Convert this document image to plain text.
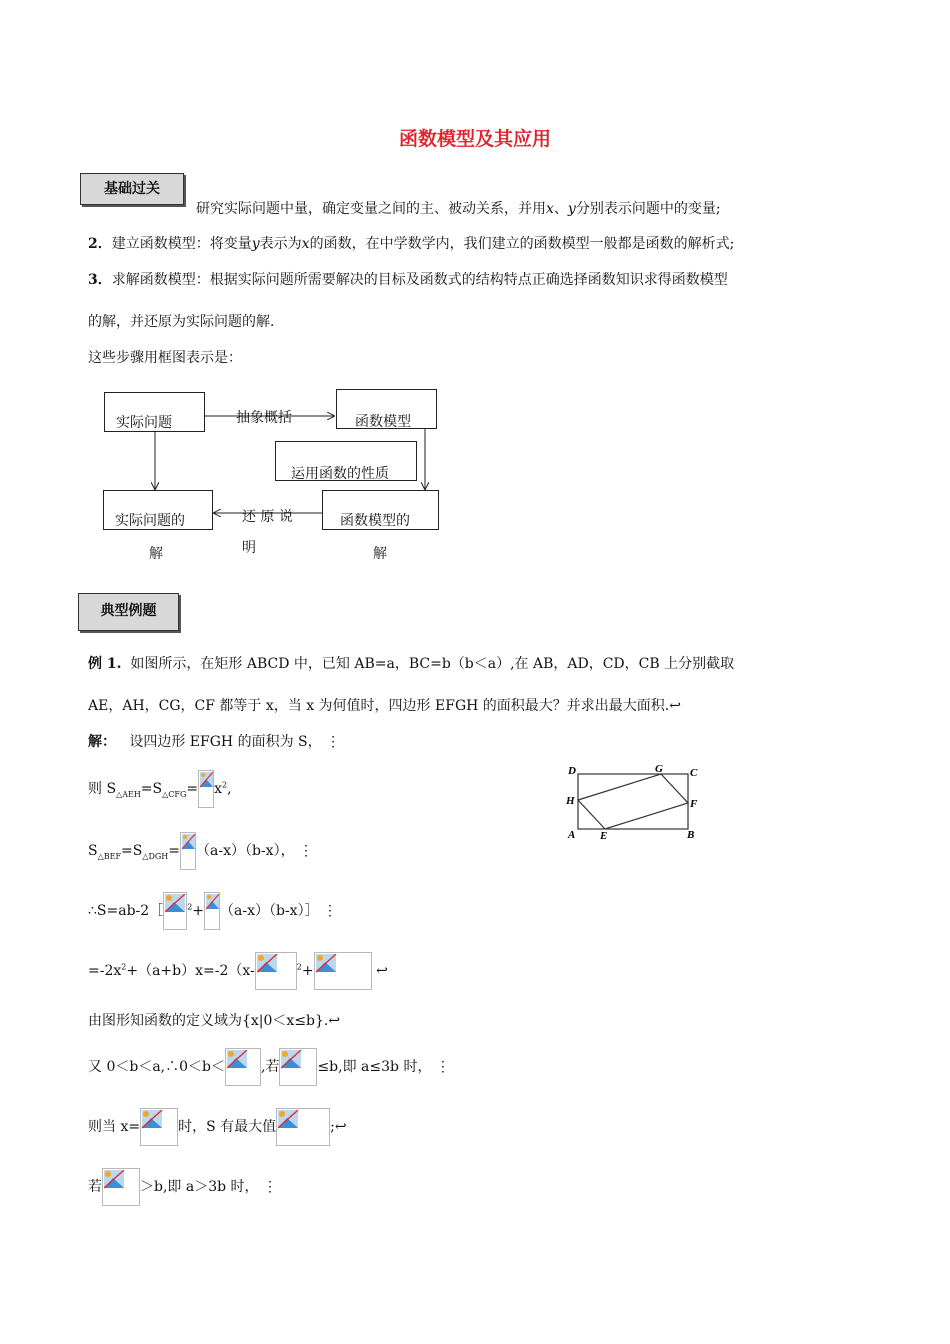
函数模型及其应用
基础过关
研究实际问题中量，确定变量之间的主、被动关系，并用x、y分别表示问题中的变量;
2．建立函数模型：将变量y表示为x的函数，在中学数学内，我们建立的函数模型一般都是函数的解析式;
3．求解函数模型：根据实际问题所需要解决的目标及函数式的结构特点正确选择函数知识求得函数模型
的解，并还原为实际问题的解.
这些步骤用框图表示是：
实际问题	抽象概括	函数模型
运用函数的性质
实际问题的
解
还 原 说
明
函数模型的
解
典型例题
例 1. 如图所示，在矩形 ABCD 中，已知 AB=a，BC=b（b＜a）,在 AB，AD，CD，CB 上分别截取
AE，AH，CG，CF 都等于 x，当 x 为何值时，四边形 EFGH 的面积最大？并求出最大面积.↩
解： 设四边形 EFGH 的面积为 S， ⋮
则 $S_{\triangle AEH}=S_{\triangle CFG}= x^2$,
$S_{\triangle BEF}=S_{\triangle DGH}= (a-x)(b-x)$， ⋮
∴S=ab-2［	$^2$+ （a-x）（b-x）］ ⋮
$=-2x^2+(a+b)x=-2(x-$	$^2$+	↩
由图形知函数的定义域为{x|0＜x≤b}.↩
又 0＜b＜a,∴0＜b＜	,若	≤b,即 a≤3b 时， ⋮
则当 x=	时，S 有最大值	;↩
若	＞b,即 a＞3b 时， ⋮
D	G C
H	F
A E	B
